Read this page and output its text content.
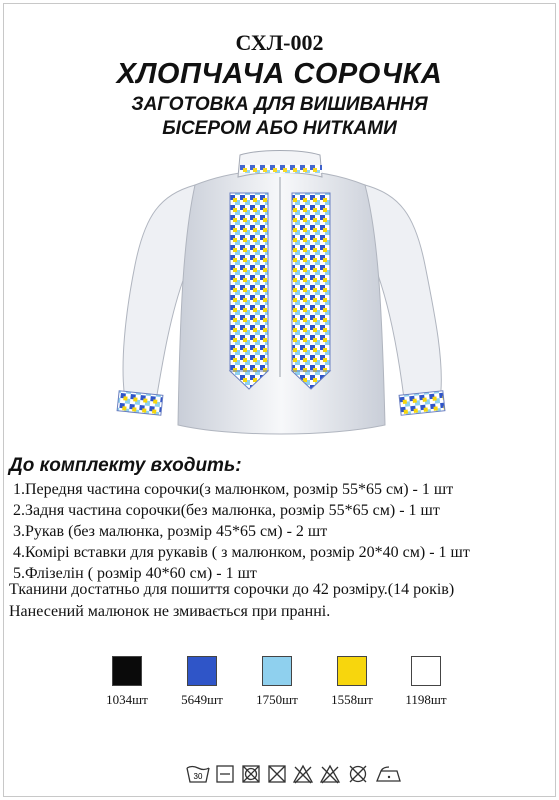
СХЛ-002
ХЛОПЧАЧА СОРОЧКА
ЗАГОТОВКА ДЛЯ ВИШИВАННЯ
БІСЕРОМ АБО НИТКАМИ
До комплекту входить:
1.Передня частина сорочки(з малюнком, розмір 55*65 см) - 1 шт
2.Задня частина сорочки(без малюнка, розмір 55*65 см) - 1 шт
3.Рукав (без малюнка, розмір 45*65 см) - 2 шт
4.Комірі вставки для рукавів ( з малюнком, розмір 20*40 см) - 1 шт
5.Флізелін ( розмір 40*60 см) - 1 шт
Тканини достатньо для пошиття сорочки до 42 розміру.(14 років)
Нанесений малюнок не змивається при пранні.
1034шт	5649шт	1750шт	1558шт	1198шт
30
